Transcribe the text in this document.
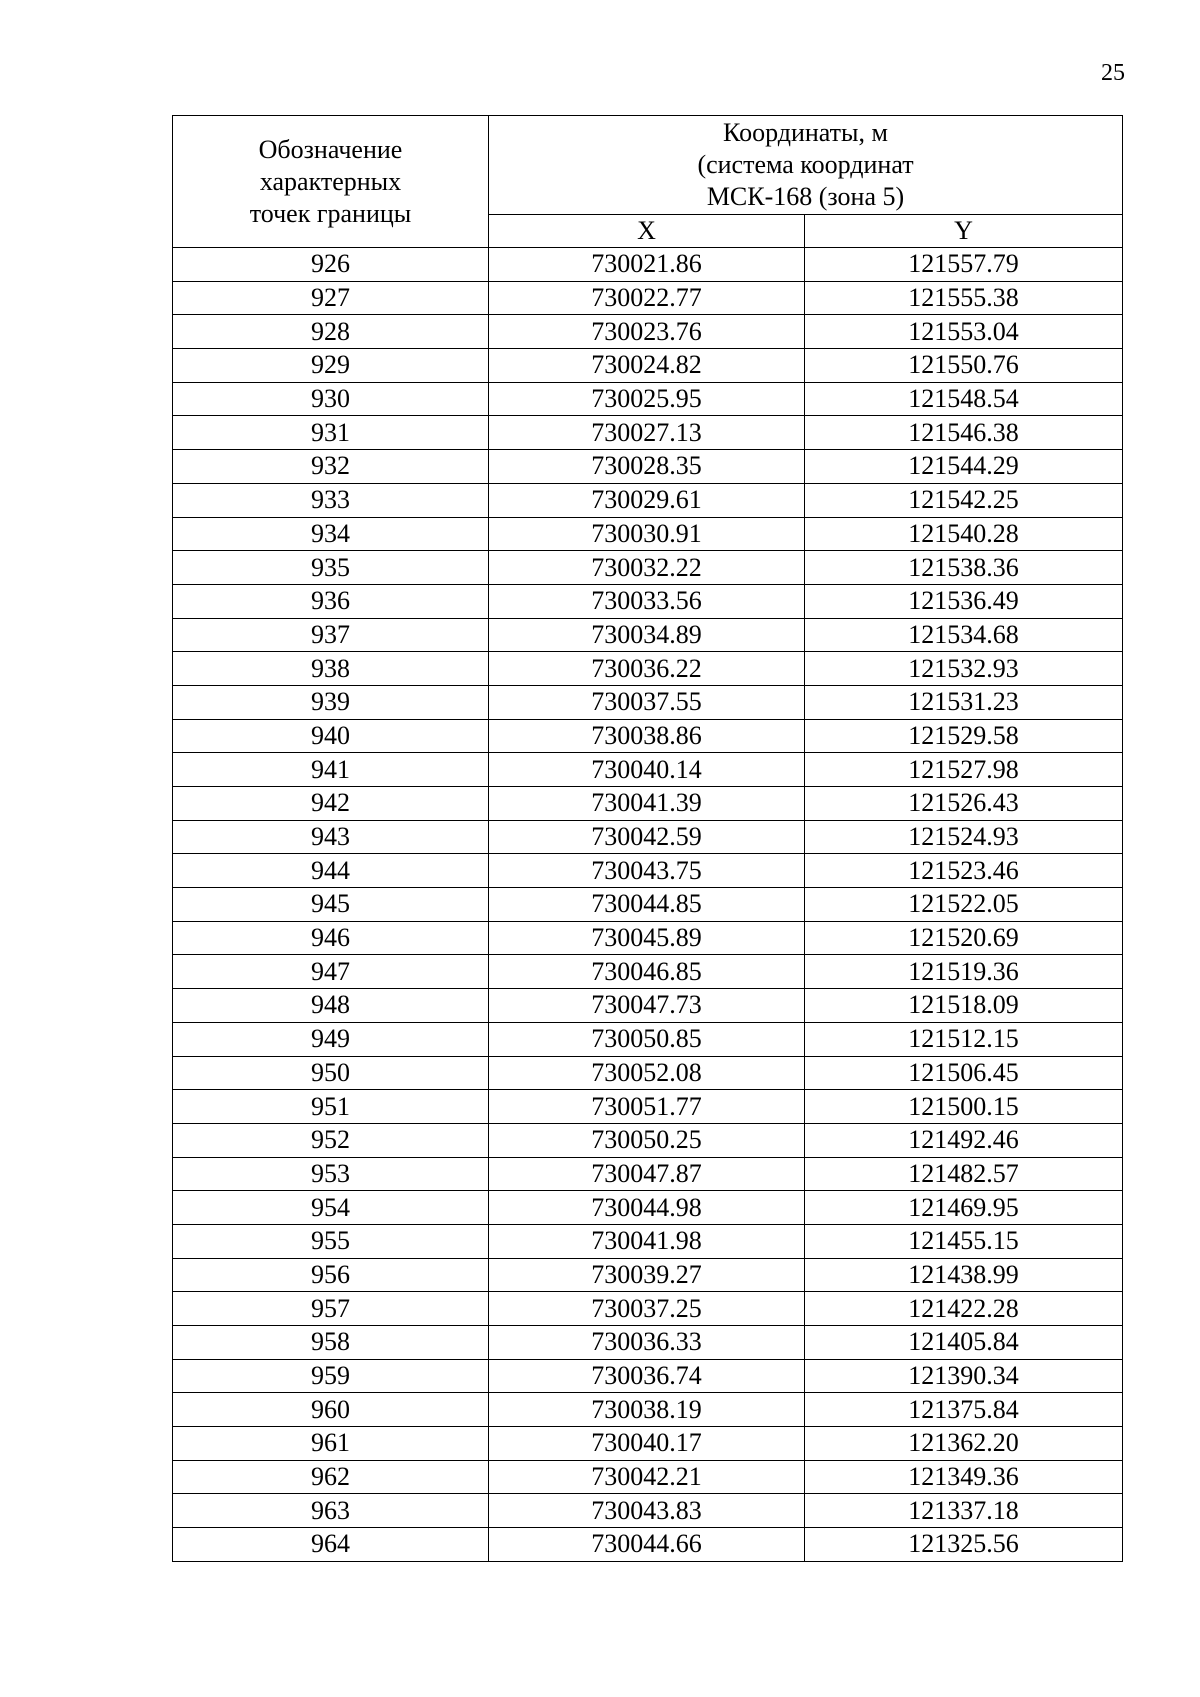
25
Обозначение
характерных
точек границы	Координаты, м
(система координат
МСК-168 (зона 5)	

	X	Y
926	730021.86	121557.79
927	730022.77	121555.38
928	730023.76	121553.04
929	730024.82	121550.76
930	730025.95	121548.54
931	730027.13	121546.38
932	730028.35	121544.29
933	730029.61	121542.25
934	730030.91	121540.28
935	730032.22	121538.36
936	730033.56	121536.49
937	730034.89	121534.68
938	730036.22	121532.93
939	730037.55	121531.23
940	730038.86	121529.58
941	730040.14	121527.98
942	730041.39	121526.43
943	730042.59	121524.93
944	730043.75	121523.46
945	730044.85	121522.05
946	730045.89	121520.69
947	730046.85	121519.36
948	730047.73	121518.09
949	730050.85	121512.15
950	730052.08	121506.45
951	730051.77	121500.15
952	730050.25	121492.46
953	730047.87	121482.57
954	730044.98	121469.95
955	730041.98	121455.15
956	730039.27	121438.99
957	730037.25	121422.28
958	730036.33	121405.84
959	730036.74	121390.34
960	730038.19	121375.84
961	730040.17	121362.20
962	730042.21	121349.36
963	730043.83	121337.18
964	730044.66	121325.56
